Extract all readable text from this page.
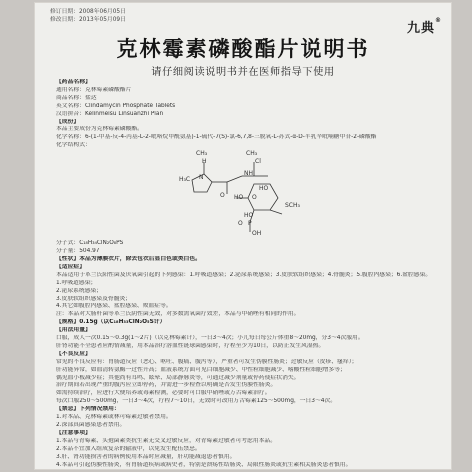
修订日期：2008年06月05日
修改日期：2013年05月09日
九典®
克林霉素磷酸酯片说明书
请仔细阅读说明书并在医师指导下使用

【药品名称】

通用名称：克林霉素磷酸酯片

商品名称：盐达

英文名称：Clindamycin Phosphate Tablets

汉语拼音：Kelinmeisu Linsuanzhi Pian

【成份】

本品主要成份为克林霉素磷酸酯。

化学名称：6-(1-甲基-反-4-丙基-L-2-吡咯烷甲酰氨基)-1-硫代-7(S)-氯-6,7,8-三脱氧-L-苏式-α-D-半乳辛吡喃糖甲苷-2-磷酸酯

化学结构式：

CH₃
H	Cl
CH₃
H₃C N
O
NH
HO
HO O
SCH₃
HO
P
O
OH

分子式：C₁₈H₃₄ClN₂O₈PS

分子量：504.97

【性状】本品为薄膜衣片，除去包衣后显白色或类白色。

【适应症】

本品适用于革兰氏阳性菌及厌氧菌引起的下列感染：1.呼吸道感染；2.泌尿系统感染；3.皮肤软组织感染；4.骨髓炎；5.腹腔内感染；6.盆腔感染。

1.呼吸道感染；

2.泌尿系统感染；

3.皮肤软组织感染及骨髓炎；

4.其它如腹腔内感染、盆腔感染、败血症等。

注：本品对大肠杆菌等革兰氏阴性菌无效，对多数需氧菌疗效差，本品与甲硝唑有相同的作用。

【规格】0.15g（以C₁₈H₃₃ClN₂O₅S计）

【用法用量】

口服，成人一次0.15～0.3g(1～2片)（以克林霉素计），一日3～4次；小儿每日每公斤体重8～20mg，分3～4次服用。

肝肾功能不全患者应酌情减量，用本品治疗溶血性链球菌感染时，疗程至少为10日，以防止发生风湿热。

【不良反应】

常见的不良反应有：胃肠道反应（恶心、呕吐、腹痛、腹泻等），严重者可发生伪膜性肠炎；过敏反应（皮疹、瘙痒）；

肝功能异常，如血清转氨酶一过性升高；血液系统方面可见白细胞减少、中性粒细胞减少、嗜酸性粒细胞增多等；

偶见血小板减少症；其他尚有耳鸣、眩晕、局部静脉炎等，可通过减少剂量或停药使症状消失。

治疗期间若出现严重的腹泻应立即停药，并需进一步检查以明确是否发生伪膜性肠炎。

如需持续治疗，应进行大便培养或毒素检测，必要时可口服甲硝唑或万古霉素治疗。

每次口服250～500mg，一日3～4次，疗程7～10日，无效时可改用万古霉素125～500mg，一日3～4次。

【禁忌】下列情况禁用：

1.对本品、克林霉素或林可霉素过敏者禁用。

2.深部真菌感染患者禁用。

【注意事项】

1.本品与青霉素、头孢菌素类抗生素无交叉过敏反应，对青霉素过敏者可考虑用本品。

2.本品不宜加入组成复杂的输液中，以免发生配伍禁忌。

3.肝、肾功能损害者的病例使用本品时应减量，肝功能减退患者慎用。

4.本品可引起伪膜性肠炎，有胃肠道疾病或病史者，特别是溃疡性结肠炎、局限性肠炎或抗生素相关肠炎患者慎用。
